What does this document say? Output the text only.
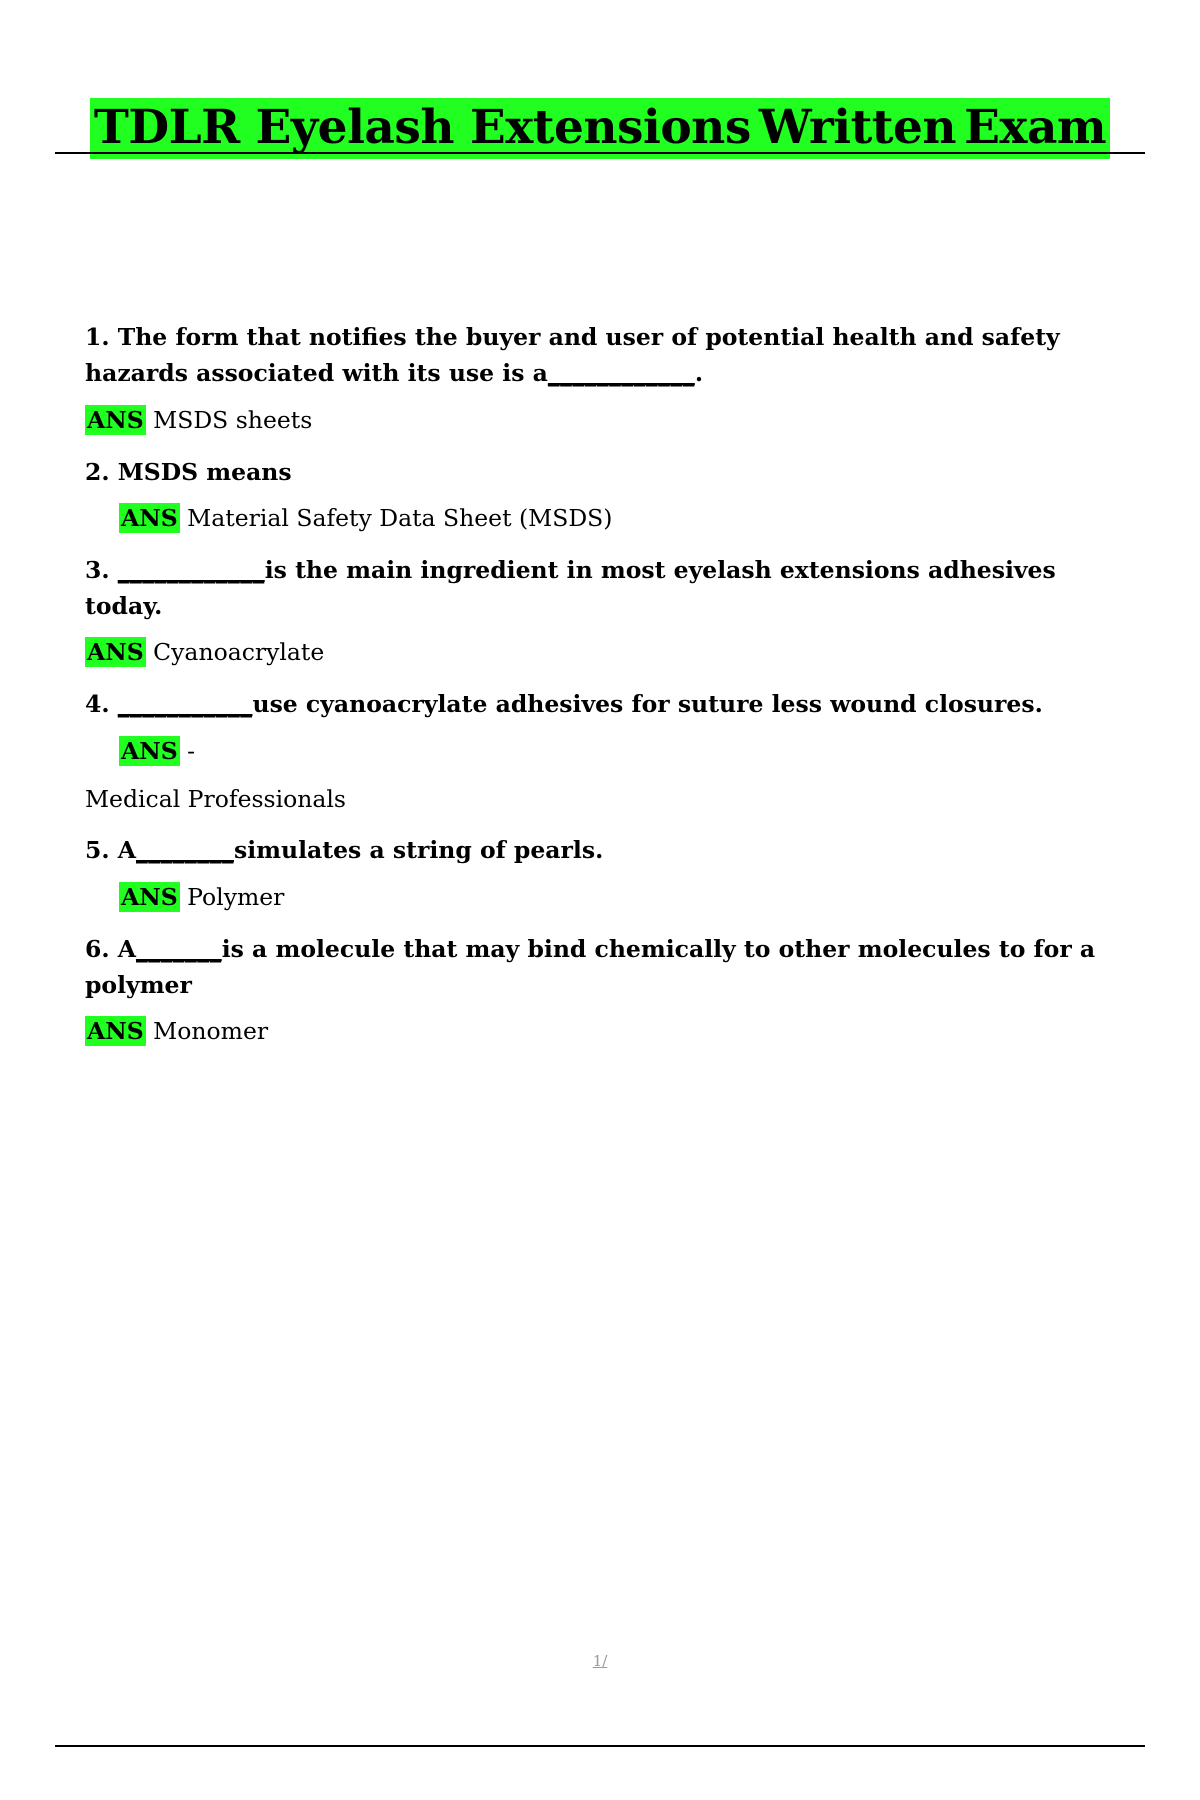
TDLR Eyelash Extensions Written Exam
1. The form that notifies the buyer and user of potential health and safety
hazards associated with its use is a____________.
ANS MSDS sheets
2. MSDS means
ANS Material Safety Data Sheet (MSDS)
3. ____________is the main ingredient in most eyelash extensions adhesives
today.
ANS Cyanoacrylate
4. ___________use cyanoacrylate adhesives for suture less wound closures.
ANS -
Medical Professionals
5. A________simulates a string of pearls.
ANS Polymer
6. A_______is a molecule that may bind chemically to other molecules to for a
polymer
ANS Monomer
1/
